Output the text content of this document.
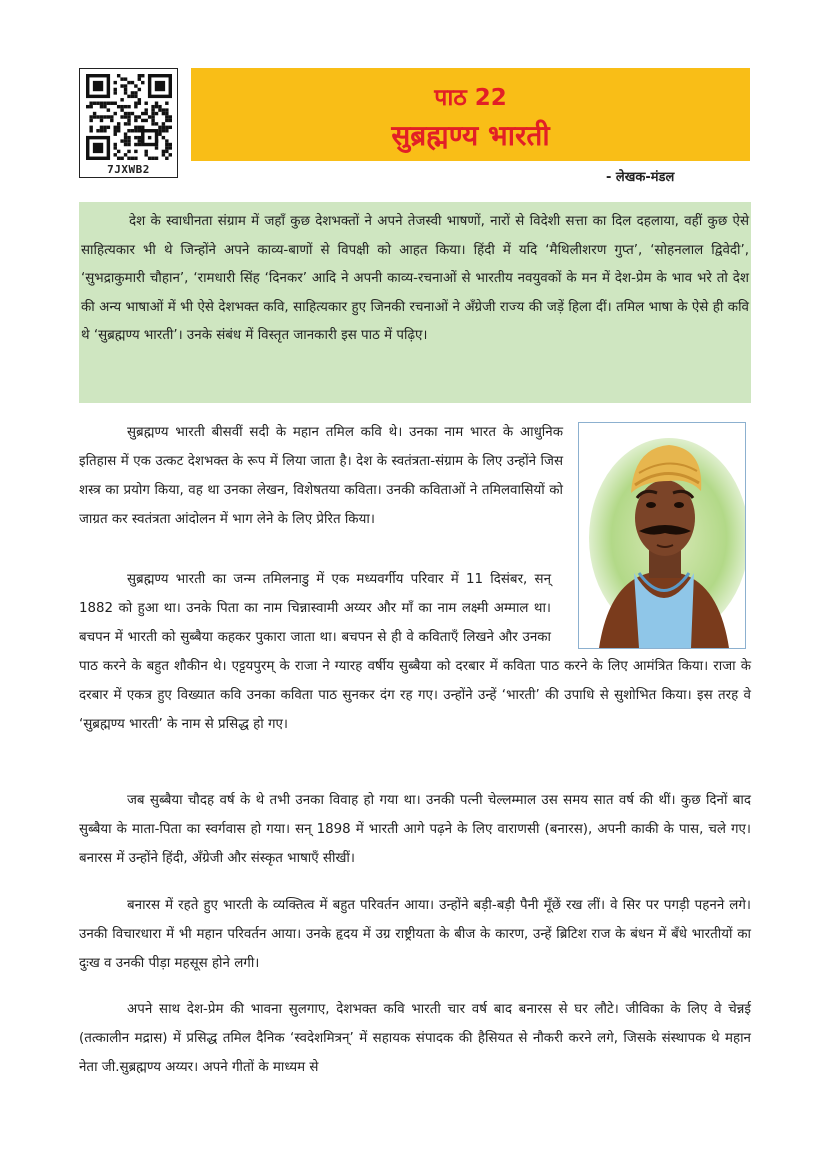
7JXWB2
पाठ 22
सुब्रह्मण्य भारती
- लेखक-मंडल

देश के स्वाधीनता संग्राम में जहाँ कुछ देशभक्तों ने अपने तेजस्वी भाषणों, नारों से विदेशी सत्ता का दिल दहलाया, वहीं कुछ ऐसे साहित्यकार भी थे जिन्होंने अपने काव्य-बाणों से विपक्षी को आहत किया। हिंदी में यदि ‘मैथिलीशरण गुप्त’, ‘सोहनलाल द्विवेदी’, ‘सुभद्राकुमारी चौहान’, ‘रामधारी सिंह ‘दिनकर’ आदि ने अपनी काव्य-रचनाओं से भारतीय नवयुवकों के मन में देश-प्रेम के भाव भरे तो देश की अन्य भाषाओं में भी ऐसे देशभक्त कवि, साहित्यकार हुए जिनकी रचनाओं ने अँग्रेजी राज्य की जड़ें हिला दीं। तमिल भाषा के ऐसे ही कवि थे ‘सुब्रह्मण्य भारती’। उनके संबंध में विस्तृत जानकारी इस पाठ में पढ़िए।

सुब्रह्मण्य भारती बीसवीं सदी के महान तमिल कवि थे। उनका नाम भारत के आधुनिक इतिहास में एक उत्कट देशभक्त के रूप में लिया जाता है। देश के स्वतंत्रता-संग्राम के लिए उन्होंने जिस शस्त्र का प्रयोग किया, वह था उनका लेखन, विशेषतया कविता। उनकी कविताओं ने तमिलवासियों को जाग्रत कर स्वतंत्रता आंदोलन में भाग लेने के लिए प्रेरित किया।

सुब्रह्मण्य भारती का जन्म तमिलनाडु में एक मध्यवर्गीय परिवार में 11 दिसंबर, सन् 1882 को हुआ था। उनके पिता का नाम चिन्नास्वामी अय्यर और माँ का नाम लक्ष्मी अम्माल था। बचपन में भारती को सुब्बैया कहकर पुकारा जाता था। बचपन से ही वे कविताएँ लिखने और उनका पाठ करने के बहुत शौकीन थे। एट्टयपुरम् के राजा ने ग्यारह वर्षीय सुब्बैया को दरबार में कविता पाठ करने के लिए आमंत्रित किया। राजा के दरबार में एकत्र हुए विख्यात कवि उनका कविता पाठ सुनकर दंग रह गए। उन्होंने उन्हें ‘भारती’ की उपाधि से सुशोभित किया। इस तरह वे ‘सुब्रह्मण्य भारती’ के नाम से प्रसिद्ध हो गए।

जब सुब्बैया चौदह वर्ष के थे तभी उनका विवाह हो गया था। उनकी पत्नी चेल्लम्माल उस समय सात वर्ष की थीं। कुछ दिनों बाद सुब्बैया के माता-पिता का स्वर्गवास हो गया। सन् 1898 में भारती आगे पढ़ने के लिए वाराणसी (बनारस), अपनी काकी के पास, चले गए। बनारस में उन्होंने हिंदी, अँग्रेजी और संस्कृत भाषाएँ सीखीं।

बनारस में रहते हुए भारती के व्यक्तित्व में बहुत परिवर्तन आया। उन्होंने बड़ी-बड़ी पैनी मूँछें रख लीं। वे सिर पर पगड़ी पहनने लगे। उनकी विचारधारा में भी महान परिवर्तन आया। उनके हृदय में उग्र राष्ट्रीयता के बीज के कारण, उन्हें ब्रिटिश राज के बंधन में बँधे भारतीयों का दुःख व उनकी पीड़ा महसूस होने लगी।

अपने साथ देश-प्रेम की भावना सुलगाए, देशभक्त कवि भारती चार वर्ष बाद बनारस से घर लौटे। जीविका के लिए वे चेन्नई (तत्कालीन मद्रास) में प्रसिद्ध तमिल दैनिक ‘स्वदेशमित्रन्’ में सहायक संपादक की हैसियत से नौकरी करने लगे, जिसके संस्थापक थे महान नेता जी.सुब्रह्मण्य अय्यर। अपने गीतों के माध्यम से
